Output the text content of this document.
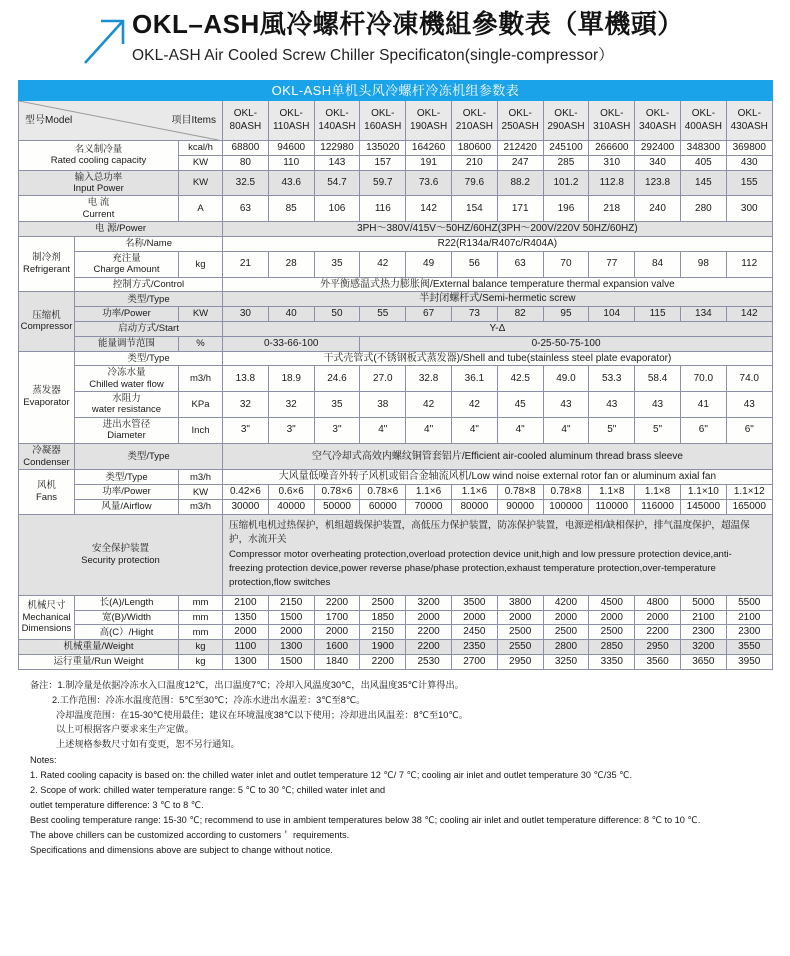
OKL–ASH風冷螺杆冷凍機組參數表（單機頭）
OKL-ASH Air Cooled Screw Chiller Specificaton(single-compressor）
OKL-ASH单机头风冷螺杆冷冻机组参数表														

型号Model 项目Items			OKL-
80ASH	OKL-
110ASH	OKL-
140ASH	OKL-
160ASH	OKL-
190ASH	OKL-
210ASH	OKL-
250ASH	OKL-
290ASH	OKL-
310ASH	OKL-
340ASH	OKL-
400ASH	OKL-
430ASH

名义制冷量
Rated cooling capacity		kcal/h	68800	94600	122980	135020	164260	180600	212420	245100	266600	292400	348300	369800
		KW	80	110	143	157	191	210	247	285	310	340	405	430

输入总功率
Input Power		KW	32.5	43.6	54.7	59.7	73.6	79.6	88.2	101.2	112.8	123.8	145	155

电 流
Current		A	63	85	106	116	142	154	171	196	218	240	280	300
电 源/Power			3PH～380V/415V～50HZ/60HZ(3PH～200V/220V 50HZ/60HZ)											

制冷剂
Refrigerant	名称/Name		R22(R134a/R407c/R404A)											

	充注量
Charge Amount	kg	21	28	35	42	49	56	63	70	77	84	98	112
	控制方式/Control		外平衡感温式热力膨胀阀/External balance temperature thermal expansion valve											

压缩机
Compressor	类型/Type		半封闭螺杆式/Semi-hermetic screw											
	功率/Power	KW	30	40	50	55	67	73	82	95	104	115	134	142
	启动方式/Start		Y-Δ											
	能量调节范围	%	0-33-66-100			0-25-50-75-100								

蒸发器
Evaporator	类型/Type		干式壳管式(不锈钢板式蒸发器)/Shell and tube(stainless steel plate evaporator)											

	冷冻水量
Chilled water flow	m3/h	13.8	18.9	24.6	27.0	32.8	36.1	42.5	49.0	53.3	58.4	70.0	74.0

	水阻力
water resistance	KPa	32	32	35	38	42	42	45	43	43	43	41	43

	进出水管径
Diameter	Inch	3"	3"	3"	4"	4"	4"	4"	4"	5"	5"	6"	6"

冷凝器
Condenser	类型/Type		空气冷却式高效内螺纹铜管套铝片/Efficient air-cooled aluminum thread brass sleeve											

风机
Fans	类型/Type	m3/h	大风量低噪音外转子风机或铝合金轴流风机/Low wind noise external rotor fan or aluminum axial fan											
	功率/Power	KW	0.42×6	0.6×6	0.78×6	0.78×6	1.1×6	1.1×6	0.78×8	0.78×8	1.1×8	1.1×8	1.1×10	1.1×12
	风量/Airflow	m3/h	30000	40000	50000	60000	70000	80000	90000	100000	110000	116000	145000	165000

安全保护装置
Security protection

压缩机电机过热保护，机组超载保护装置，高低压力保护装置，防冻保护装置，电源逆相/缺相保护，排气温度保护，超温保护，水流开关
Compressor motor overheating protection,overload protection device unit,high and low pressure protection device,anti-freezing protection device,power reverse phase/phase protection,exhaust temperature protection,over-temperature protection,flow switches

机械尺寸
Mechanical
Dimensions	长(A)/Length	mm	2100	2150	2200	2500	3200	3500	3800	4200	4500	4800	5000	5500
	宽(B)/Width	mm	1350	1500	1700	1850	2000	2000	2000	2000	2000	2000	2100	2100
	高(C）/Hight	mm	2000	2000	2000	2150	2200	2450	2500	2500	2500	2200	2300	2300
机械重量/Weight		kg	1100	1300	1600	1900	2200	2350	2550	2800	2850	2950	3200	3550
运行重量/Run Weight		kg	1300	1500	1840	2200	2530	2700	2950	3250	3350	3560	3650	3950

备注：1.制冷量是依据冷冻水入口温度12℃，出口温度7℃；冷却入风温度30℃，出风温度35℃计算得出。

2.工作范围：冷冻水温度范围：5℃至30℃；冷冻水进出水温差：3℃至8℃。

冷却温度范围：在15-30℃使用最佳；建议在环境温度38℃以下使用；冷却进出风温差：8℃至10℃。

以上可根据客户要求来生产定做。

上述规格参数尺寸如有变更，恕不另行通知。

Notes:

1. Rated cooling capacity is based on: the chilled water inlet and outlet temperature 12 ℃/ 7 ℃; cooling air inlet and outlet temperature 30 ℃/35 ℃.

2. Scope of work: chilled water temperature range: 5 ℃ to 30 ℃; chilled water inlet and

outlet temperature difference: 3 ℃ to 8 ℃.

Best cooling temperature range: 15-30 ℃; recommend to use in ambient temperatures below 38 ℃; cooling air inlet and outlet temperature difference: 8 ℃ to 10 ℃.

The above chillers can be customized according to customers＇ requirements.

Specifications and dimensions above are subject to change without notice.
